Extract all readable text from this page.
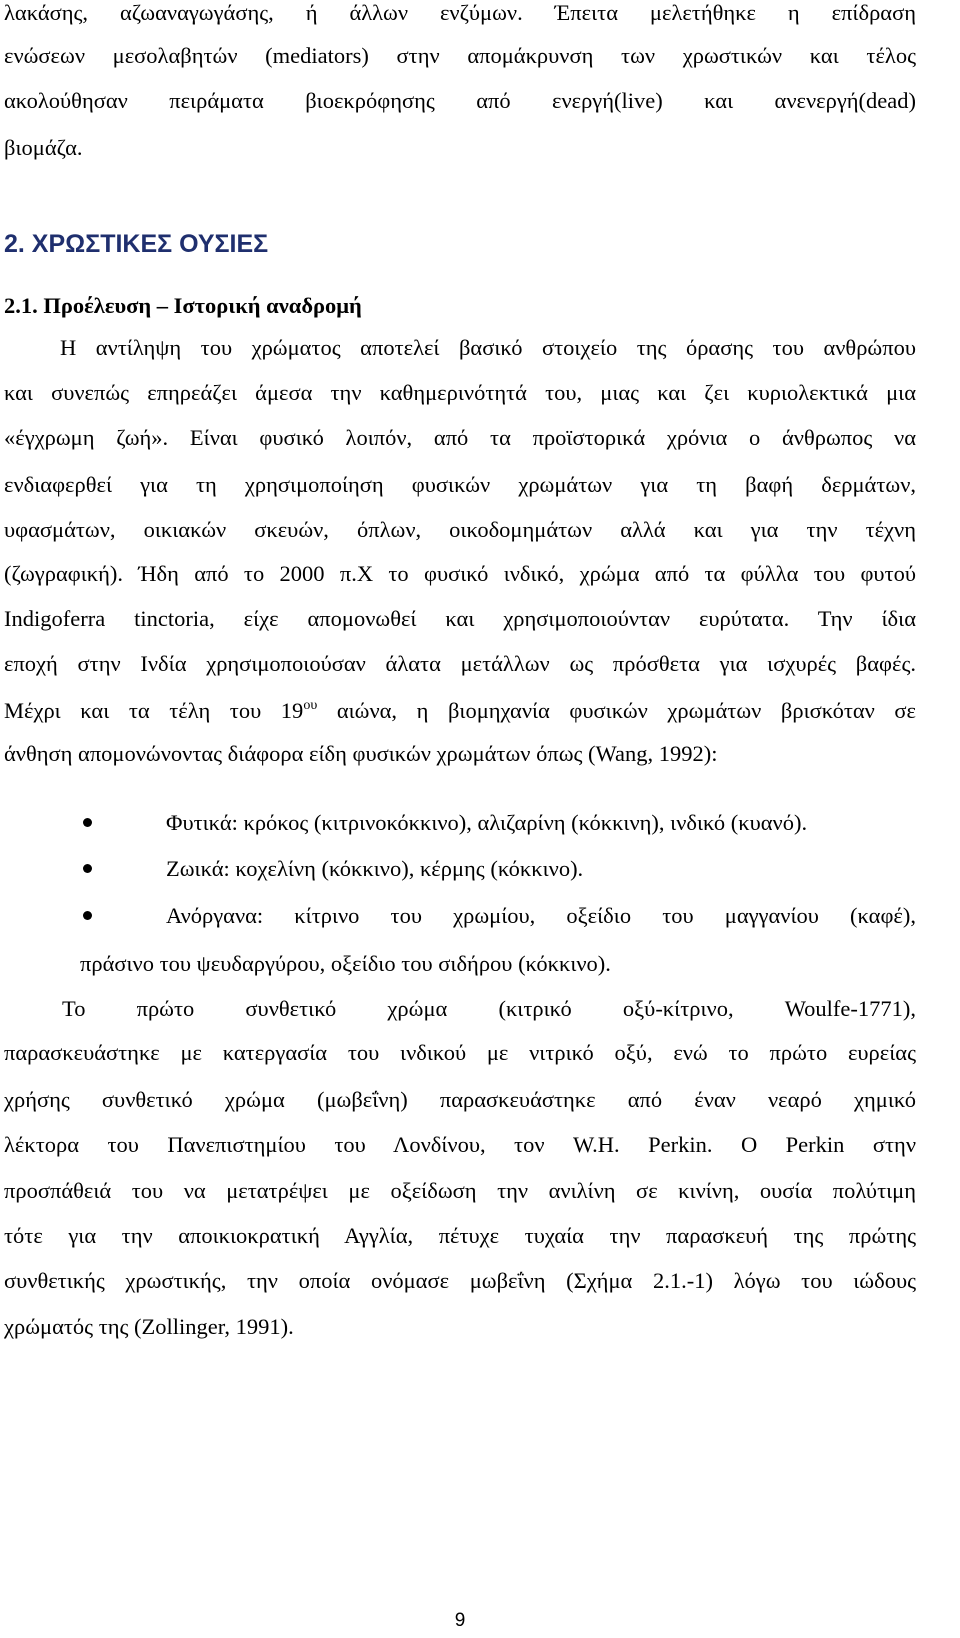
λακάσης, αζωαναγωγάσης, ή άλλων ενζύμων. Έπειτα μελετήθηκε η επίδραση
ενώσεων μεσολαβητών (mediators) στην απομάκρυνση των χρωστικών και τέλος
ακολούθησαν πειράματα βιοεκρόφησης από ενεργή(live) και ανενεργή(dead)
βιομάζα.
2. ΧΡΩΣΤΙΚΕΣ ΟΥΣΙΕΣ
2.1. Προέλευση – Ιστορική αναδρομή
Η αντίληψη του χρώματος αποτελεί βασικό στοιχείο της όρασης του ανθρώπου
και συνεπώς επηρεάζει άμεσα την καθημερινότητά του, μιας και ζει κυριολεκτικά μια
«έγχρωμη ζωή». Είναι φυσικό λοιπόν, από τα προϊστορικά χρόνια ο άνθρωπος να
ενδιαφερθεί για τη χρησιμοποίηση φυσικών χρωμάτων για τη βαφή δερμάτων,
υφασμάτων, οικιακών σκευών, όπλων, οικοδομημάτων αλλά και για την τέχνη
(ζωγραφική). Ήδη από το 2000 π.Χ το φυσικό ινδικό, χρώμα από τα φύλλα του φυτού
Indigoferra tinctoria, είχε απομονωθεί και χρησιμοποιούνταν ευρύτατα. Την ίδια
εποχή στην Ινδία χρησιμοποιούσαν άλατα μετάλλων ως πρόσθετα για ισχυρές βαφές.
Μέχρι και τα τέλη του $19^{o\upsilon}$ αιώνα, η βιομηχανία φυσικών χρωμάτων βρισκόταν σε
άνθηση απομονώνοντας διάφορα είδη φυσικών χρωμάτων όπως (Wang, 1992):
Φυτικά: κρόκος (κιτρινοκόκκινο), αλιζαρίνη (κόκκινη), ινδικό (κυανό).
Ζωικά: κοχελίνη (κόκκινο), κέρμης (κόκκινο).
Ανόργανα: κίτρινο του χρωμίου, οξείδιο του μαγγανίου (καφέ),
πράσινο του ψευδαργύρου, οξείδιο του σιδήρου (κόκκινο).
Το πρώτο συνθετικό χρώμα (κιτρικό οξύ-κίτρινο, Woulfe-1771),
παρασκευάστηκε με κατεργασία του ινδικού με νιτρικό οξύ, ενώ το πρώτο ευρείας
χρήσης συνθετικό χρώμα (μωβεΐνη) παρασκευάστηκε από έναν νεαρό χημικό
λέκτορα του Πανεπιστημίου του Λονδίνου, τον W.H. Perkin. Ο Perkin στην
προσπάθειά του να μετατρέψει με οξείδωση την ανιλίνη σε κινίνη, ουσία πολύτιμη
τότε για την αποικιοκρατική Αγγλία, πέτυχε τυχαία την παρασκευή της πρώτης
συνθετικής χρωστικής, την οποία ονόμασε μωβεΐνη (Σχήμα 2.1.-1) λόγω του ιώδους
χρώματός της (Zollinger, 1991).
9
